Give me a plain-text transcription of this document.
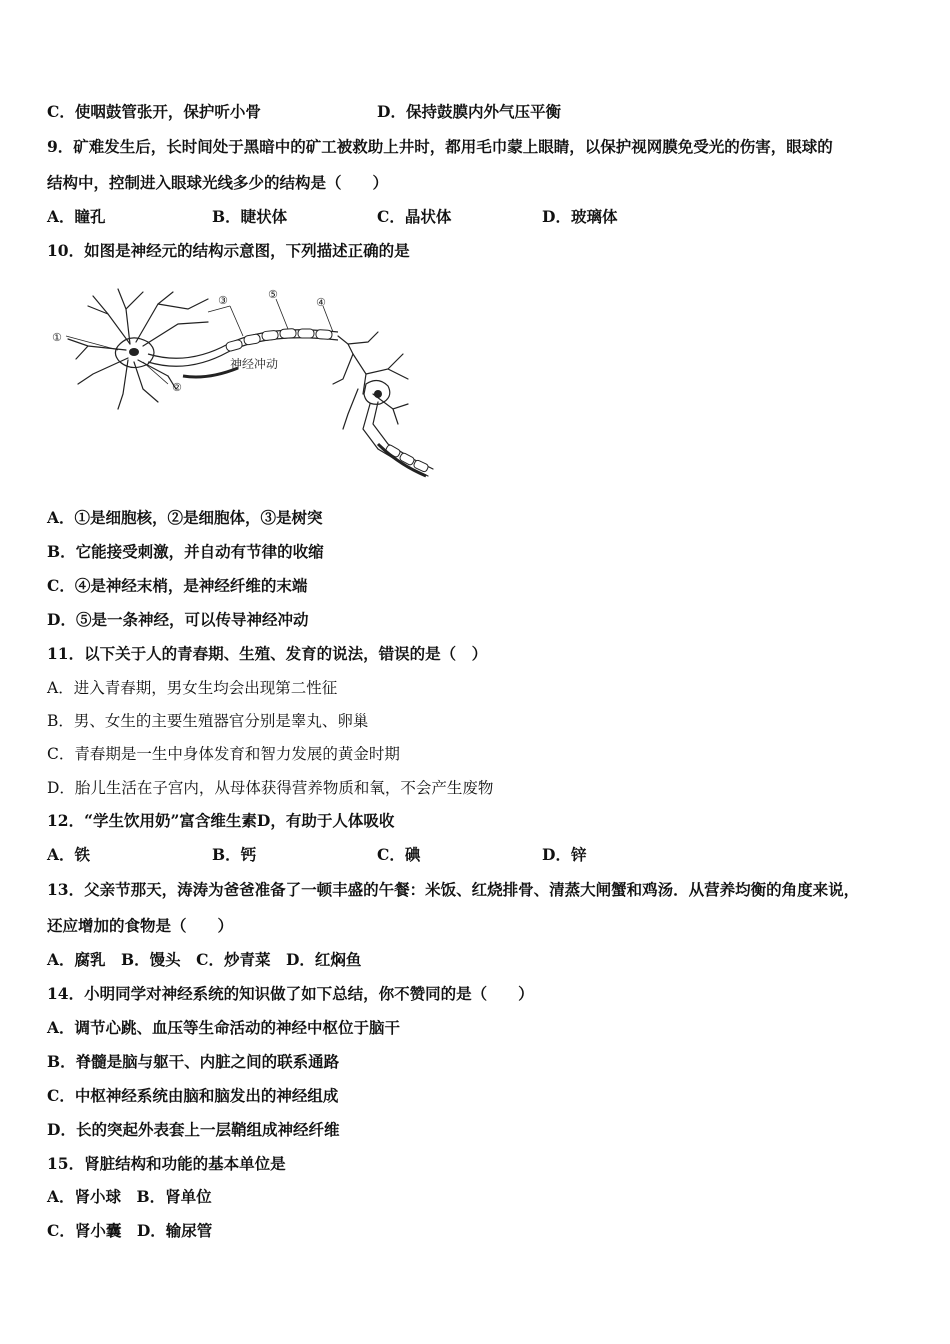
C．使咽鼓管张开，保护听小骨	D．保持鼓膜内外气压平衡
9．矿难发生后，长时间处于黑暗中的矿工被救助上井时，都用毛巾蒙上眼睛，以保护视网膜免受光的伤害，眼球的
结构中，控制进入眼球光线多少的结构是（　　）
A．瞳孔	B．睫状体	C．晶状体	D．玻璃体
10．如图是神经元的结构示意图，下列描述正确的是
神经冲动
①
②
③	⑤
④
A．①是细胞核，②是细胞体，③是树突
B．它能接受刺激，并自动有节律的收缩
C．④是神经末梢，是神经纤维的末端
D．⑤是一条神经，可以传导神经冲动
11．以下关于人的青春期、生殖、发育的说法，错误的是（　）
A．进入青春期，男女生均会出现第二性征
B．男、女生的主要生殖器官分别是睾丸、卵巢
C．青春期是一生中身体发育和智力发展的黄金时期
D．胎儿生活在子宫内，从母体获得营养物质和氧，不会产生废物
12．“学生饮用奶”富含维生素D，有助于人体吸收
A．铁	B．钙	C．碘	D．锌
13．父亲节那天，涛涛为爸爸准备了一顿丰盛的午餐：米饭、红烧排骨、清蒸大闸蟹和鸡汤．从营养均衡的角度来说，
还应增加的食物是（　　）
A．腐乳　B．馒头　C．炒青菜　D．红焖鱼
14．小明同学对神经系统的知识做了如下总结，你不赞同的是（　　）
A．调节心跳、血压等生命活动的神经中枢位于脑干
B．脊髓是脑与躯干、内脏之间的联系通路
C．中枢神经系统由脑和脑发出的神经组成
D．长的突起外表套上一层鞘组成神经纤维
15．肾脏结构和功能的基本单位是
A．肾小球　B．肾单位
C．肾小囊　D．输尿管
